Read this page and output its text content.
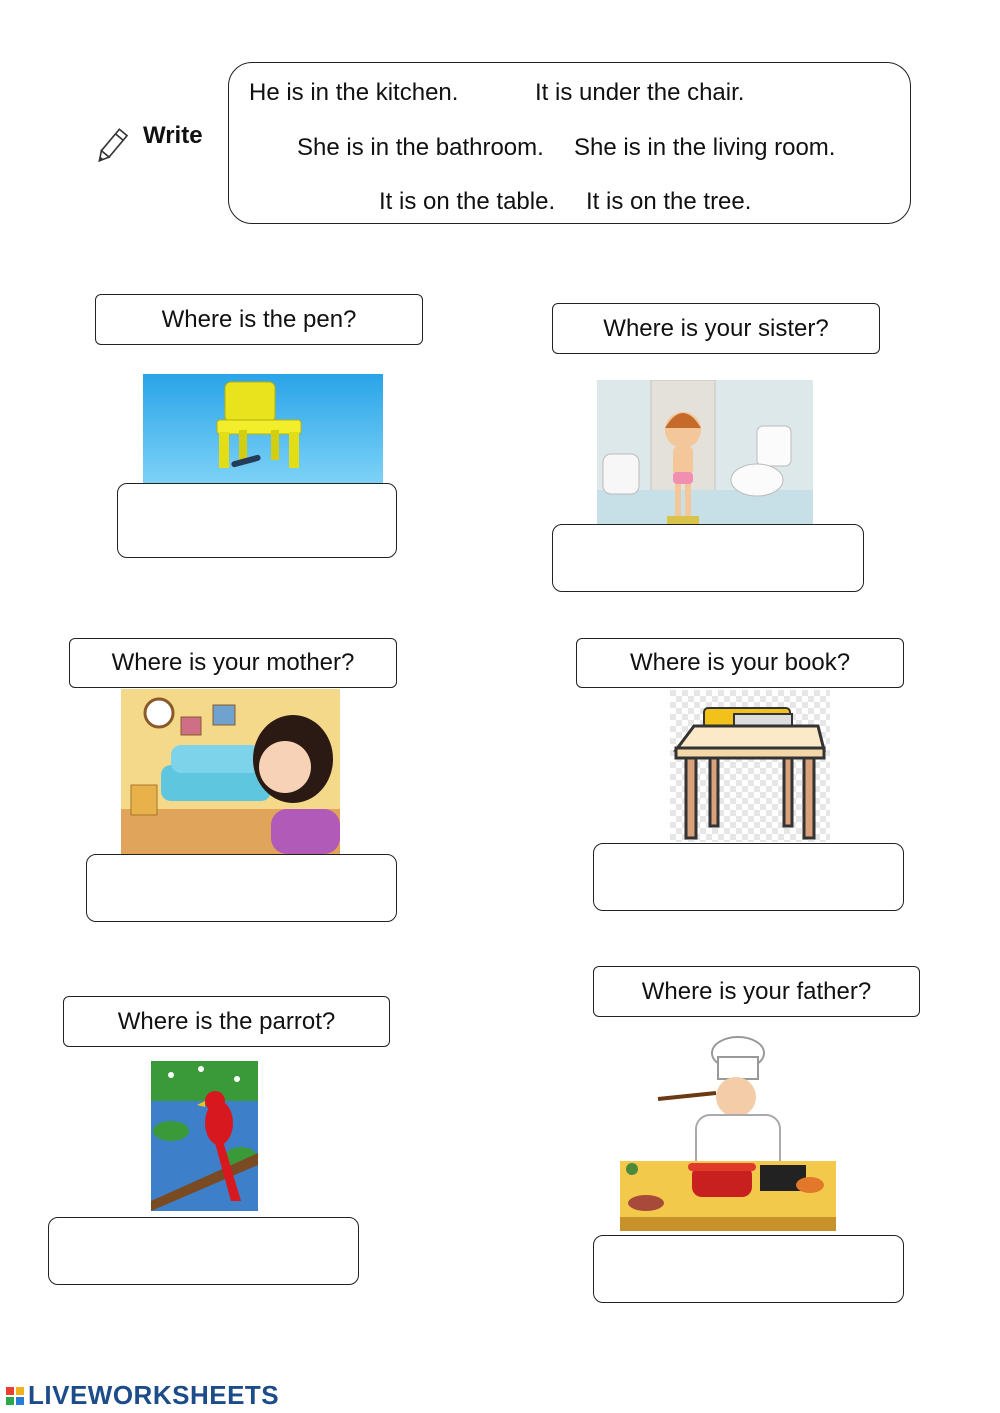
Write
He is in the kitchen.	It is under the chair.
She is in the bathroom. She is in the living room.
It is on the table. It is on the tree.
Where is the pen?	Where is your sister?
Where is your mother?	Where is your book?
Where is the parrot?
Where is your father?
LIVEWORKSHEETS
